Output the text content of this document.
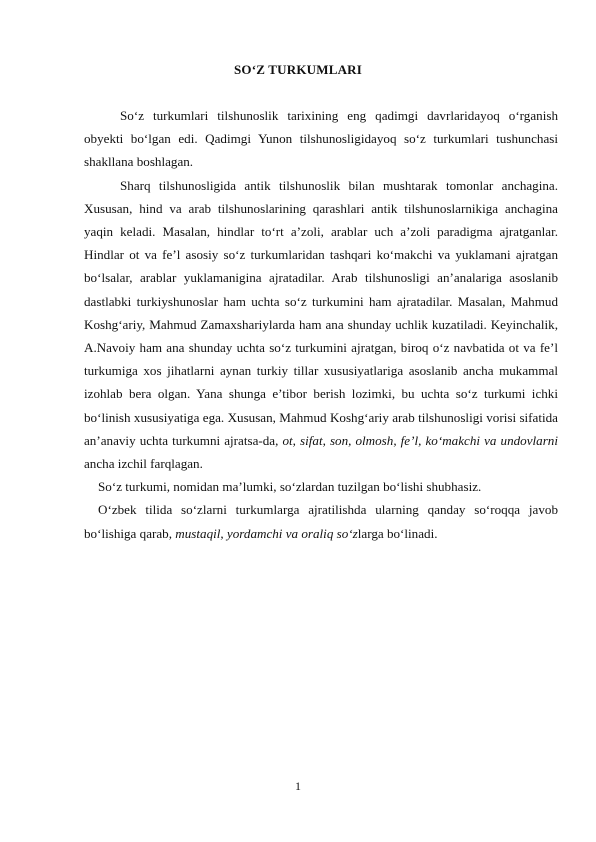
SO‘Z TURKUMLARI

So‘z turkumlari tilshunoslik tarixining eng qadimgi davrlaridayoq o‘rganish obyekti bo‘lgan edi. Qadimgi Yunon tilshunosligidayoq so‘z turkumlari tushunchasi shakllana boshlagan.

Sharq tilshunosligida antik tilshunoslik bilan mushtarak tomonlar anchagina. Xususan, hind va arab tilshunoslarining qarashlari antik tilshunoslarnikiga anchagina yaqin keladi. Masalan, hindlar to‘rt a’zoli, arablar uch a’zoli paradigma ajratganlar. Hindlar ot va fe’l asosiy so‘z turkumlaridan tashqari ko‘makchi va yuklamani ajratgan bo‘lsalar, arablar yuklamanigina ajratadilar. Arab tilshunosligi an’analariga asoslanib dastlabki turkiyshunoslar ham uchta so‘z turkumini ham ajratadilar. Masalan, Mahmud Koshg‘ariy, Mahmud Zamaxshariylarda ham ana shunday uchlik kuzatiladi. Keyinchalik, A.Navoiy ham ana shunday uchta so‘z turkumini ajratgan, biroq o‘z navbatida ot va fe’l turkumiga xos jihatlarni aynan turkiy tillar xususiyatlariga asoslanib ancha mukammal izohlab bera olgan. Yana shunga e’tibor berish lozimki, bu uchta so‘z turkumi ichki bo‘linish xususiyatiga ega. Xususan, Mahmud Koshg‘ariy arab tilshunosligi vorisi sifatida an’anaviy uchta turkumni ajratsa-da, ot, sifat, son, olmosh, fe’l, ko‘makchi va undovlarni ancha izchil farqlagan.

So‘z turkumi, nomidan ma’lumki, so‘zlardan tuzilgan bo‘lishi shubhasiz.

O‘zbek tilida so‘zlarni turkumlarga ajratilishda ularning qanday so‘roqqa javob bo‘lishiga qarab, mustaqil, yordamchi va oraliq so‘zlarga bo‘linadi.

1
